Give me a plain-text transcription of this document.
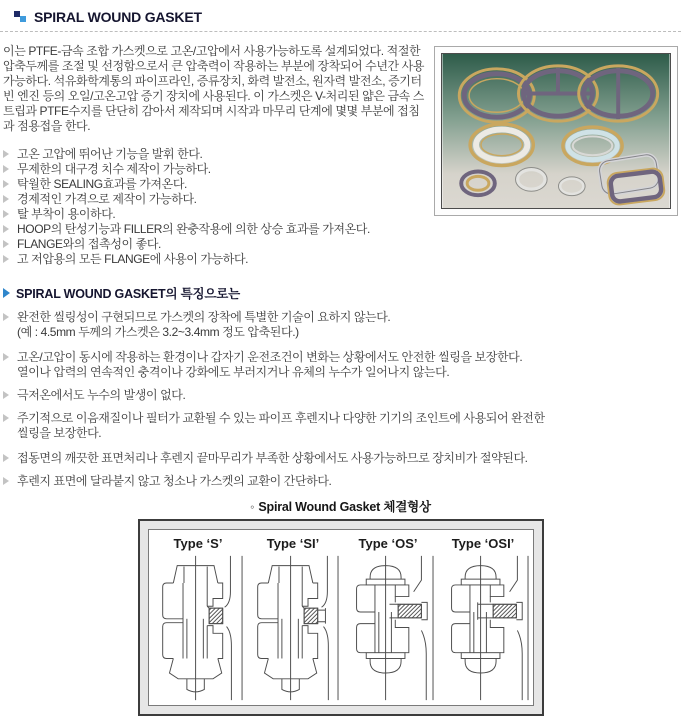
SPIRAL WOUND GASKET

이는 PTFE-금속 조합 가스켓으로 고온/고압에서 사용가능하도록 설계되었다. 적절한 압축두께를 조절 및 선정함으로서 큰 압축력이 작용하는 부분에 장착되어 수년간 사용가능하다. 석유화학계통의 파이프라인, 증류장치, 화력 발전소, 원자력 발전소, 증기터빈 엔진 등의 오일/고온고압 증기 장치에 사용된다. 이 가스켓은 V-처리된 얇은 금속 스트립과 PTFE수지를 단단히 감아서 제작되며 시작과 마무리 단계에 몇몇 부분에 접침과 점용접을 한다.

고온 고압에 뛰어난 기능을 발휘 한다.
무제한의 대구경 치수 제작이 가능하다.
탁월한 SEALING효과를 가져온다.
경제적인 가격으로 제작이 가능하다.
탈 부착이 용이하다.
HOOP의 탄성기능과 FILLER의 완충작용에 의한 상승 효과를 가져온다.
FLANGE와의 접촉성이 좋다.
고 저압용의 모든 FLANGE에 사용이 가능하다.
SPIRAL WOUND GASKET의 특징으로는
완전한 씰링성이 구현되므로 가스켓의 장착에 특별한 기술이 요하지 않는다.
(예 : 4.5mm 두께의 가스켓은 3.2~3.4mm 정도 압축된다.)
고온/고압이 동시에 작용하는 환경이나 갑자기 운전조건이 변화는 상황에서도 안전한 씰링을 보장한다.
열이나 압력의 연속적인 충격이나 강화에도 부러지거나 유체의 누수가 일어나지 않는다.
극저온에서도 누수의 발생이 없다.
주기적으로 이음재질이나 필터가 교환될 수 있는 파이프 후렌지나 다양한 기기의 조인트에 사용되어 완전한
씰링을 보장한다.
접동면의 깨끗한 표면처리나 후렌지 끝마무리가 부족한 상황에서도 사용가능하므로 장치비가 절약된다.
후렌지 표면에 달라붙지 않고 청소나 가스켓의 교환이 간단하다.
◦ Spiral Wound Gasket 체결형상
Type ‘S’	Type ‘SI’	Type ‘OS’	Type ‘OSI’
